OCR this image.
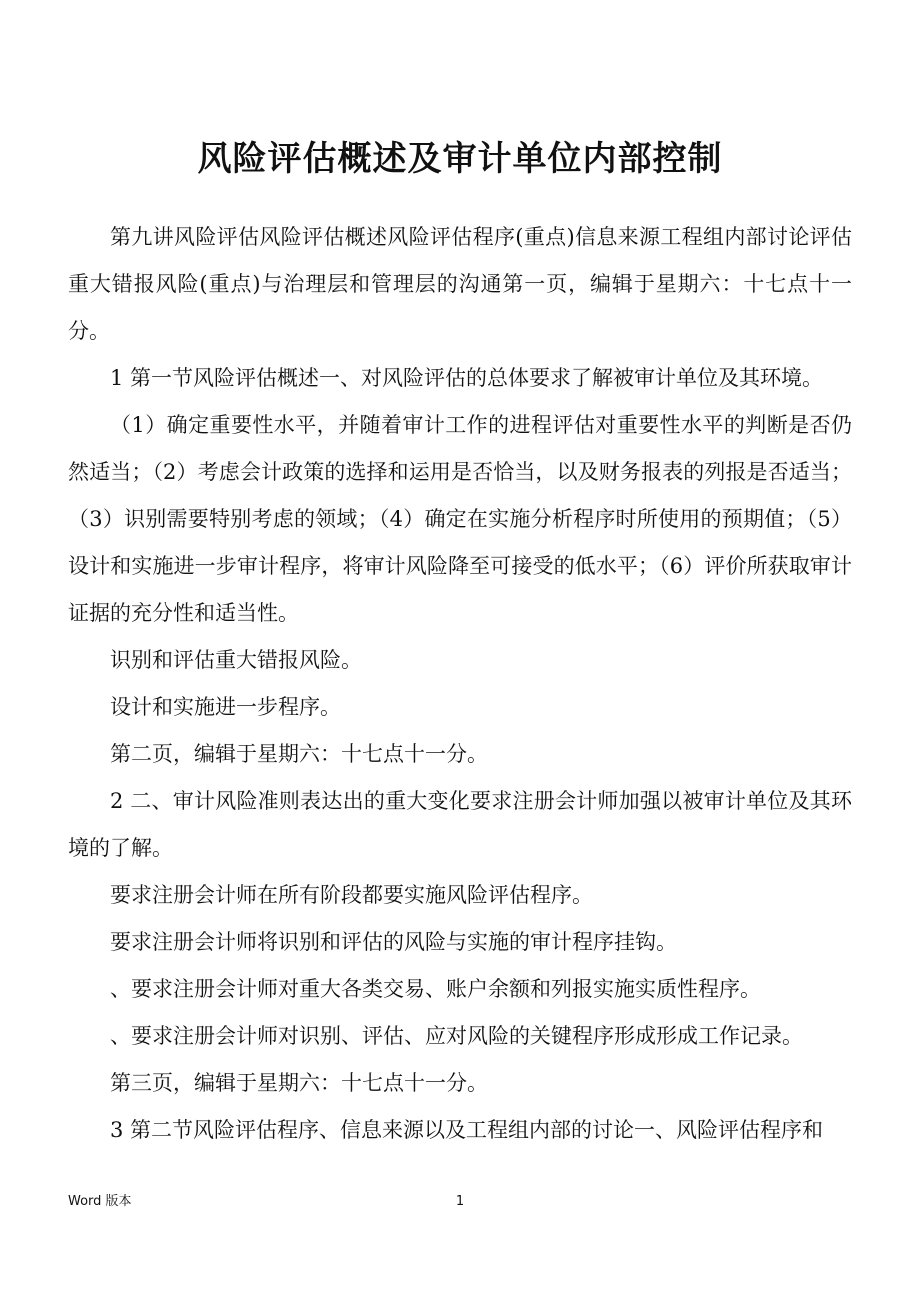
风险评估概述及审计单位内部控制

第九讲风险评估风险评估概述风险评估程序(重点)信息来源工程组内部讨论评估重大错报风险(重点)与治理层和管理层的沟通第一页，编辑于星期六：十七点十一分。

1 第一节风险评估概述一、对风险评估的总体要求了解被审计单位及其环境。

（1）确定重要性水平，并随着审计工作的进程评估对重要性水平的判断是否仍然适当；（2）考虑会计政策的选择和运用是否恰当，以及财务报表的列报是否适当；（3）识别需要特别考虑的领域；（4）确定在实施分析程序时所使用的预期值；（5）设计和实施进一步审计程序，将审计风险降至可接受的低水平；（6）评价所获取审计证据的充分性和适当性。

识别和评估重大错报风险。

设计和实施进一步程序。

第二页，编辑于星期六：十七点十一分。

2 二、审计风险准则表达出的重大变化要求注册会计师加强以被审计单位及其环境的了解。

要求注册会计师在所有阶段都要实施风险评估程序。

要求注册会计师将识别和评估的风险与实施的审计程序挂钩。

、要求注册会计师对重大各类交易、账户余额和列报实施实质性程序。

、要求注册会计师对识别、评估、应对风险的关键程序形成形成工作记录。

第三页，编辑于星期六：十七点十一分。

3 第二节风险评估程序、信息来源以及工程组内部的讨论一、风险评估程序和

Word 版本	1
